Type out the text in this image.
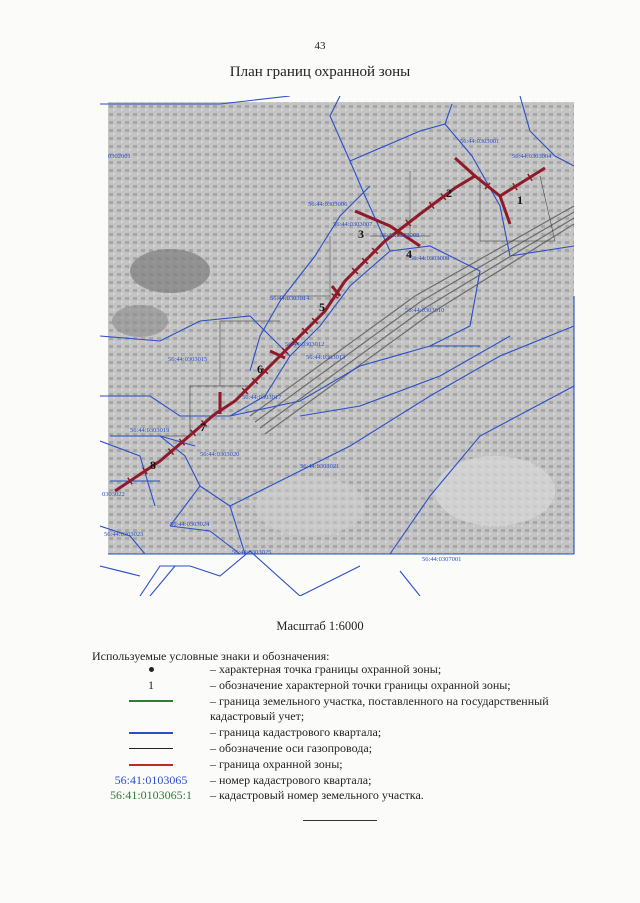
43
План границ охранной зоны
56:44:0303001
56:44:0303004
0302001
56:44:0303006
56:44:0303007
56:44:0303008
56:44:0303009
56:44:0303010
56:44:0303014
56:44:0303012
56:44:0303013
56:44:0303015
56:44:0303017
56:44:0303019
56:44:0303020
56:44:0303021
0303022
56:44:0303024
56:44:0303023
56:44:0303025
56:44:0307001
1
2
3
4
5
6
7
8
Масштаб 1:6000
Используемые условные знаки и обозначения:
– характерная точка границы охранной зоны;
1	– обозначение характерной точки границы охранной зоны;
– граница земельного участка, поставленного на государственный кадастровый учет;
– граница кадастрового квартала;
– обозначение оси газопровода;
– граница охранной зоны;
56:41:0103065 – номер кадастрового квартала;
56:41:0103065:1 – кадастровый номер земельного участка.
